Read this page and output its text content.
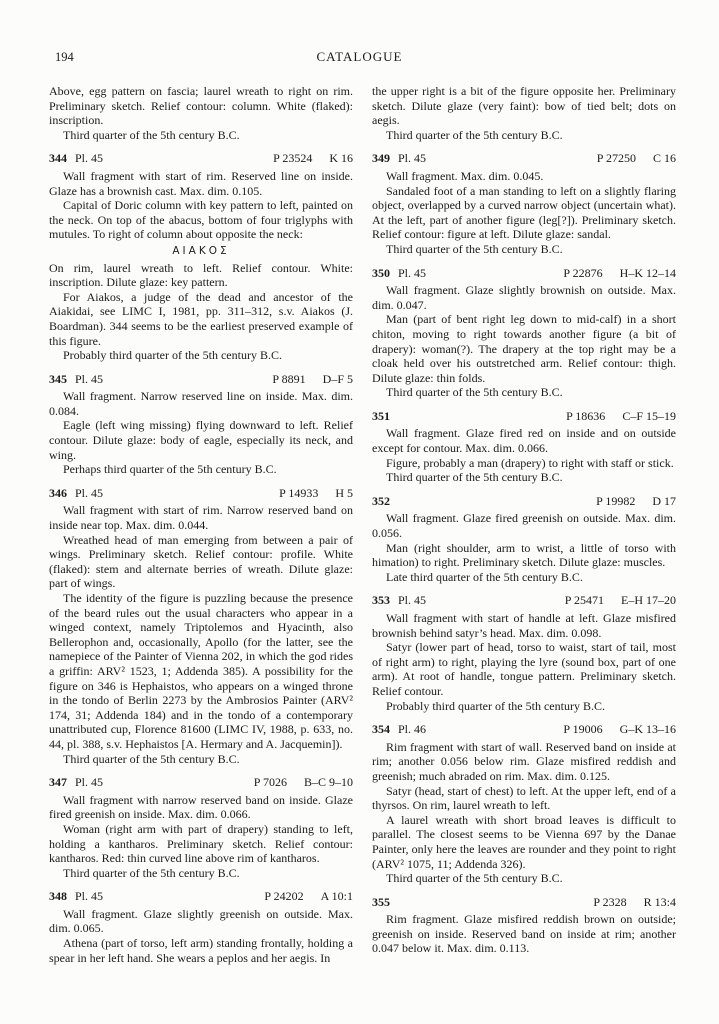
194	CATALOGUE

Above, egg pattern on fascia; laurel wreath to right on rim. Preliminary sketch. Relief contour: column. White (flaked): inscription.

Third quarter of the 5th century B.C.

344 Pl. 45	P 23524 K 16

Wall fragment with start of rim. Reserved line on inside. Glaze has a brownish cast. Max. dim. 0.105.

Capital of Doric column with key pattern to left, painted on the neck. On top of the abacus, bottom of four triglyphs with mutules. To right of column about opposite the neck:

ΑΙΑΚΟΣ

On rim, laurel wreath to left. Relief contour. White: inscription. Dilute glaze: key pattern.

For Aiakos, a judge of the dead and ancestor of the Aiakidai, see LIMC I, 1981, pp. 311–312, s.v. Aiakos (J. Boardman). 344 seems to be the earliest preserved example of this figure.

Probably third quarter of the 5th century B.C.

345 Pl. 45	P 8891 D–F 5

Wall fragment. Narrow reserved line on inside. Max. dim. 0.084.

Eagle (left wing missing) flying downward to left. Relief contour. Dilute glaze: body of eagle, especially its neck, and wing.

Perhaps third quarter of the 5th century B.C.

346 Pl. 45	P 14933 H 5

Wall fragment with start of rim. Narrow reserved band on inside near top. Max. dim. 0.044.

Wreathed head of man emerging from between a pair of wings. Preliminary sketch. Relief contour: profile. White (flaked): stem and alternate berries of wreath. Dilute glaze: part of wings.

The identity of the figure is puzzling because the presence of the beard rules out the usual characters who appear in a winged context, namely Triptolemos and Hyacinth, also Bellerophon and, occasionally, Apollo (for the latter, see the namepiece of the Painter of Vienna 202, in which the god rides a griffin: ARV² 1523, 1; Addenda 385). A possibility for the figure on 346 is Hephaistos, who appears on a winged throne in the tondo of Berlin 2273 by the Ambrosios Painter (ARV² 174, 31; Addenda 184) and in the tondo of a contemporary unattributed cup, Florence 81600 (LIMC IV, 1988, p. 633, no. 44, pl. 388, s.v. Hephaistos [A. Hermary and A. Jacquemin]).

Third quarter of the 5th century B.C.

347 Pl. 45	P 7026 B–C 9–10

Wall fragment with narrow reserved band on inside. Glaze fired greenish on inside. Max. dim. 0.066.

Woman (right arm with part of drapery) standing to left, holding a kantharos. Preliminary sketch. Relief contour: kantharos. Red: thin curved line above rim of kantharos.

Third quarter of the 5th century B.C.

348 Pl. 45	P 24202 A 10:1

Wall fragment. Glaze slightly greenish on outside. Max. dim. 0.065.

Athena (part of torso, left arm) standing frontally, holding a spear in her left hand. She wears a peplos and her aegis. In

the upper right is a bit of the figure opposite her. Preliminary sketch. Dilute glaze (very faint): bow of tied belt; dots on aegis.

Third quarter of the 5th century B.C.

349 Pl. 45	P 27250 C 16

Wall fragment. Max. dim. 0.045.

Sandaled foot of a man standing to left on a slightly flaring object, overlapped by a curved narrow object (uncertain what). At the left, part of another figure (leg[?]). Preliminary sketch. Relief contour: figure at left. Dilute glaze: sandal.

Third quarter of the 5th century B.C.

350 Pl. 45	P 22876 H–K 12–14

Wall fragment. Glaze slightly brownish on outside. Max. dim. 0.047.

Man (part of bent right leg down to mid-calf) in a short chiton, moving to right towards another figure (a bit of drapery): woman(?). The drapery at the top right may be a cloak held over his outstretched arm. Relief contour: thigh. Dilute glaze: thin folds.

Third quarter of the 5th century B.C.

351	P 18636 C–F 15–19

Wall fragment. Glaze fired red on inside and on outside except for contour. Max. dim. 0.066.

Figure, probably a man (drapery) to right with staff or stick.

Third quarter of the 5th century B.C.

352	P 19982 D 17

Wall fragment. Glaze fired greenish on outside. Max. dim. 0.056.

Man (right shoulder, arm to wrist, a little of torso with himation) to right. Preliminary sketch. Dilute glaze: muscles.

Late third quarter of the 5th century B.C.

353 Pl. 45	P 25471 E–H 17–20

Wall fragment with start of handle at left. Glaze misfired brownish behind satyr’s head. Max. dim. 0.098.

Satyr (lower part of head, torso to waist, start of tail, most of right arm) to right, playing the lyre (sound box, part of one arm). At root of handle, tongue pattern. Preliminary sketch. Relief contour.

Probably third quarter of the 5th century B.C.

354 Pl. 46	P 19006 G–K 13–16

Rim fragment with start of wall. Reserved band on inside at rim; another 0.056 below rim. Glaze misfired reddish and greenish; much abraded on rim. Max. dim. 0.125.

Satyr (head, start of chest) to left. At the upper left, end of a thyrsos. On rim, laurel wreath to left.

A laurel wreath with short broad leaves is difficult to parallel. The closest seems to be Vienna 697 by the Danae Painter, only here the leaves are rounder and they point to right (ARV² 1075, 11; Addenda 326).

Third quarter of the 5th century B.C.

355	P 2328 R 13:4

Rim fragment. Glaze misfired reddish brown on outside; greenish on inside. Reserved band on inside at rim; another 0.047 below it. Max. dim. 0.113.
